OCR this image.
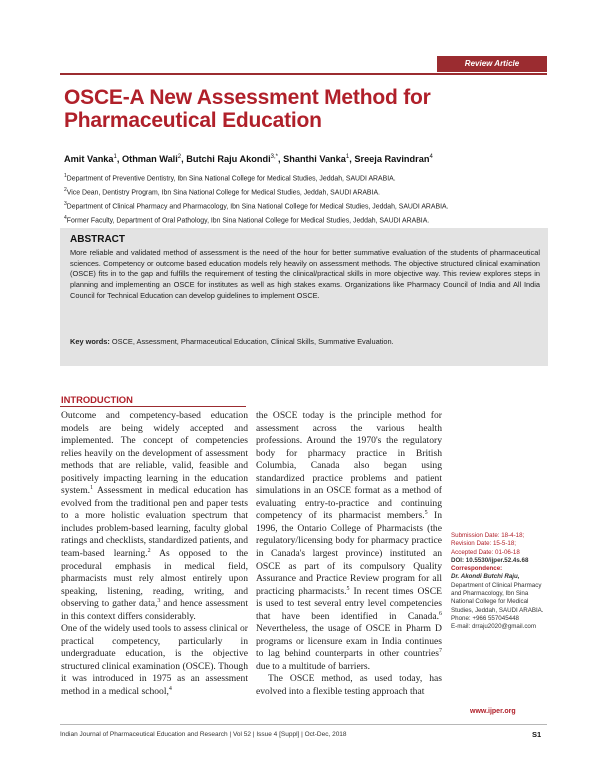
Review Article
OSCE-A New Assessment Method for Pharmaceutical Education
Amit Vanka$^1$, Othman Wali$^2$, Butchi Raju Akondi$^{3,*}$, Shanthi Vanka$^1$, Sreeja Ravindran$^4$
$^1$Department of Preventive Dentistry, Ibn Sina National College for Medical Studies, Jeddah, SAUDI ARABIA.
$^2$Vice Dean, Dentistry Program, Ibn Sina National College for Medical Studies, Jeddah, SAUDI ARABIA.
$^3$Department of Clinical Pharmacy and Pharmacology, Ibn Sina National College for Medical Studies, Jeddah, SAUDI ARABIA.
$^4$Former Faculty, Department of Oral Pathology, Ibn Sina National College for Medical Studies, Jeddah, SAUDI ARABIA.
ABSTRACT
More reliable and validated method of assessment is the need of the hour for better summative evaluation of the students of pharmaceutical sciences. Competency or outcome based education models rely heavily on assessment methods. The objective structured clinical examination (OSCE) fits in to the gap and fulfills the requirement of testing the clinical/practical skills in more objective way. This review explores steps in planning and implementing an OSCE for institutes as well as high stakes exams. Organizations like Pharmacy Council of India and All India Council for Technical Education can develop guidelines to implement OSCE.
Key words: OSCE, Assessment, Pharmaceutical Education, Clinical Skills, Summative Evaluation.
INTRODUCTION

Outcome and competency-based education models are being widely accepted and implemented. The concept of competencies relies heavily on the development of assessment methods that are reliable, valid, feasible and positively impacting learning in the education system.$^1$ Assessment in medical education has evolved from the traditional pen and paper tests to a more holistic evaluation spectrum that includes problem-based learning, faculty global ratings and checklists, standardized patients, and team-based learning.$^2$ As opposed to the procedural emphasis in medical field, pharmacists must rely almost entirely upon speaking, listening, reading, writing, and observing to gather data,$^3$ and hence assessment in this context differs considerably.

One of the widely used tools to assess clinical or practical competency, particularly in undergraduate education, is the objective structured clinical examination (OSCE). Though it was introduced in 1975 as an assessment method in a medical school,$^4$

the OSCE today is the principle method for assessment across the various health professions. Around the 1970's the regulatory body for pharmacy practice in British Columbia, Canada also began using standardized practice problems and patient simulations in an OSCE format as a method of evaluating entry-to-practice and continuing competency of its pharmacist members.$^5$ In 1996, the Ontario College of Pharmacists (the regulatory/licensing body for pharmacy practice in Canada's largest province) instituted an OSCE as part of its compulsory Quality Assurance and Practice Review program for all practicing pharmacists.$^5$ In recent times OSCE is used to test several entry level competencies that have been identified in Canada.$^6$ Nevertheless, the usage of OSCE in Pharm D programs or licensure exam in India continues to lag behind counterparts in other countries$^7$ due to a multitude of barriers.

The OSCE method, as used today, has evolved into a flexible testing approach that

Submission Date: 18-4-18;
Revision Date: 15-5-18;
Accepted Date: 01-06-18
DOI: 10.5530/ijper.52.4s.68
Correspondence:
Dr. Akondi Butchi Raju,
Department of Clinical Pharmacy and Pharmacology, Ibn Sina National College for Medical Studies, Jeddah, SAUDI ARABIA.
Phone: +966 557045448
E-mail: drraju2020@gmail.com
www.ijper.org
Indian Journal of Pharmaceutical Education and Research | Vol 52 | Issue 4 [Suppl] | Oct-Dec, 2018	S1
